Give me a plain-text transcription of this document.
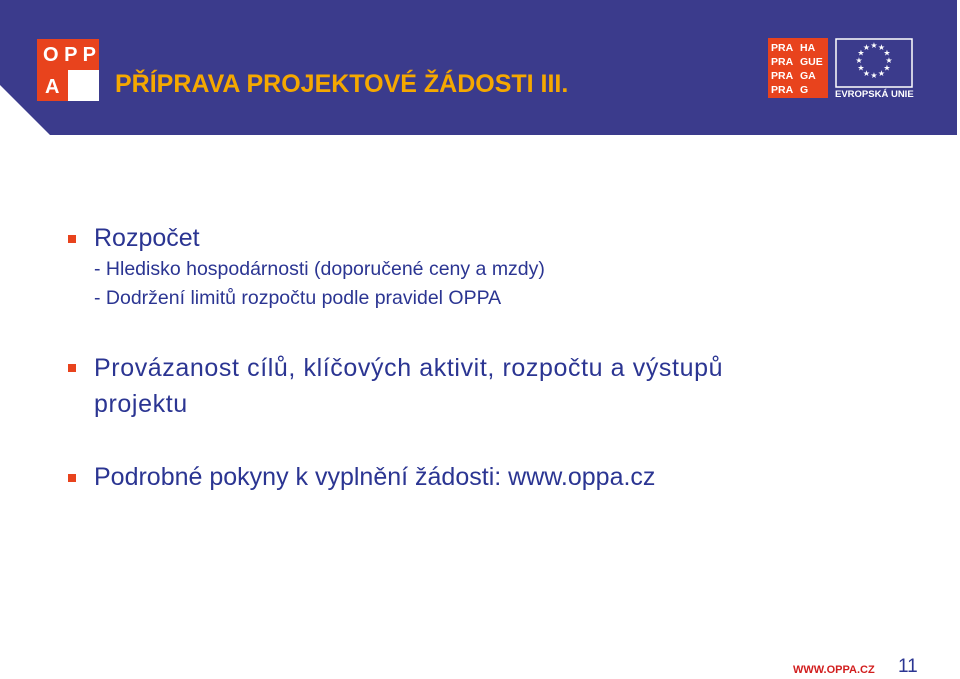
O P P
A PŘÍPRAVA PROJEKTOVÉ ŽÁDOSTI III.
PRA HA
PRA GUE
PRA GA
PRA G
★ ★
★
★
★
★
★
★
★
★
★
★
EVROPSKÁ UNIE
Rozpočet
- Hledisko hospodárnosti (doporučené ceny a mzdy)
- Dodržení limitů rozpočtu podle pravidel OPPA
Provázanost cílů, klíčových aktivit, rozpočtu a výstupů
projektu
Podrobné pokyny k vyplnění žádosti: www.oppa.cz
WWW.OPPA.CZ 11
